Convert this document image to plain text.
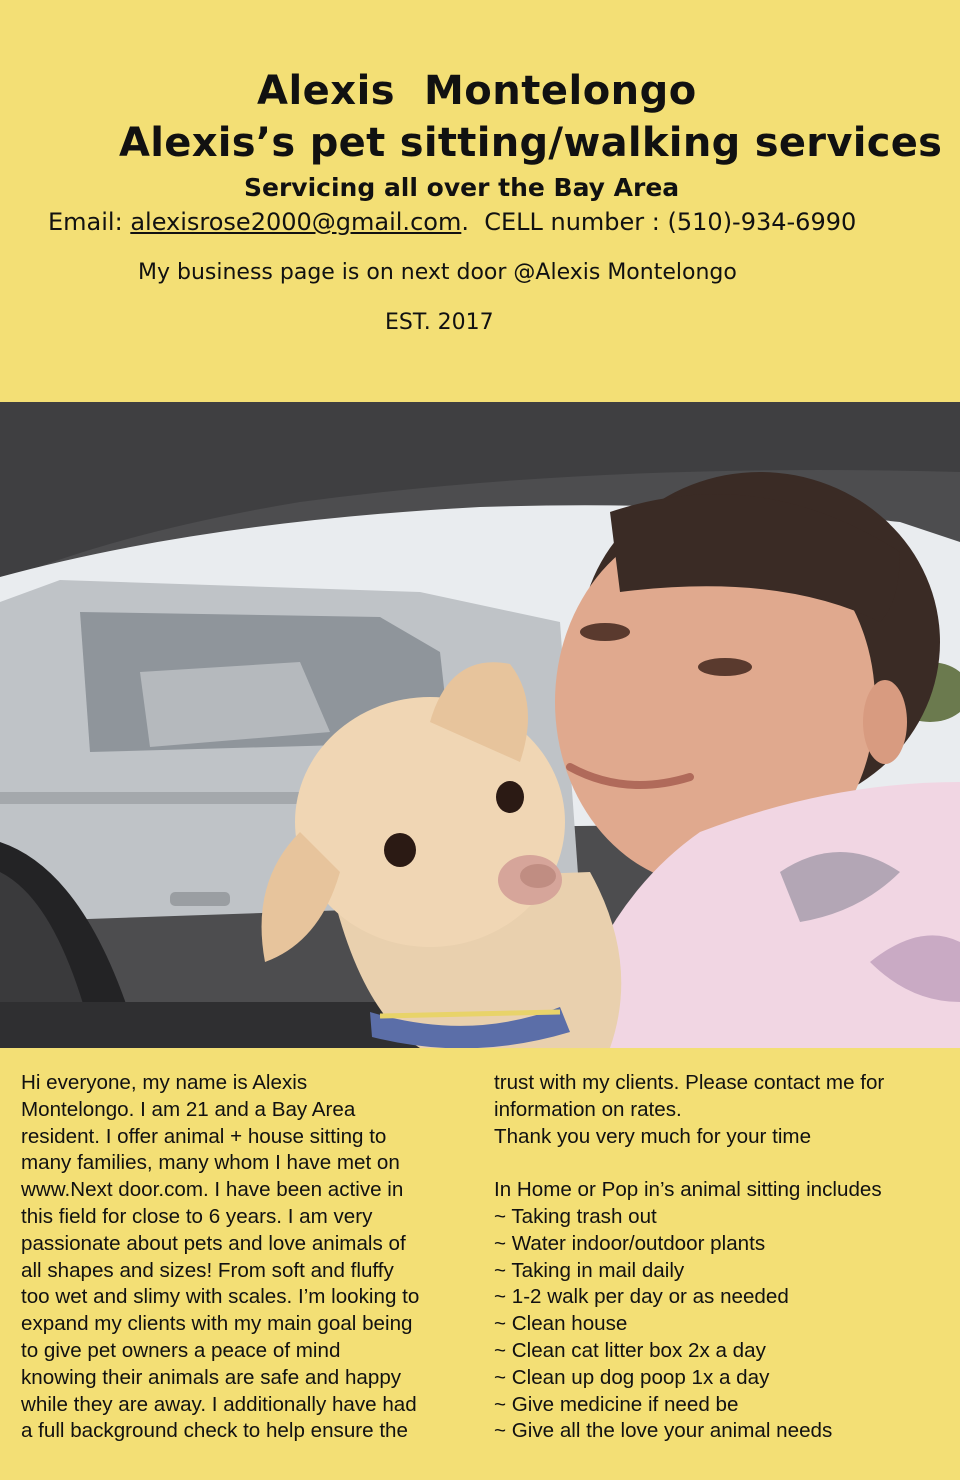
Alexis  Montelongo
Alexis’s pet sitting/walking services
Servicing all over the Bay Area
Email: alexisrose2000@gmail.com.  CELL number : (510)-934-6990
My business page is on next door @Alexis Montelongo
EST. 2017
Hi everyone, my name is Alexis
Montelongo. I am 21 and a Bay Area
resident. I offer animal + house sitting to
many families, many whom I have met on
www.Next door.com. I have been active in
this field for close to 6 years. I am very
passionate about pets and love animals of
all shapes and sizes! From soft and fluffy
too wet and slimy with scales. I’m looking to
expand my clients with my main goal being
to give pet owners a peace of mind
knowing their animals are safe and happy
while they are away. I additionally have had
a full background check to help ensure the
trust with my clients. Please contact me for
information on rates.
Thank you very much for your time
In Home or Pop in’s animal sitting includes
~ Taking trash out
~ Water indoor/outdoor plants
~ Taking in mail daily
~ 1-2 walk per day or as needed
~ Clean house
~ Clean cat litter box 2x a day
~ Clean up dog poop 1x a day
~ Give medicine if need be
~ Give all the love your animal needs
